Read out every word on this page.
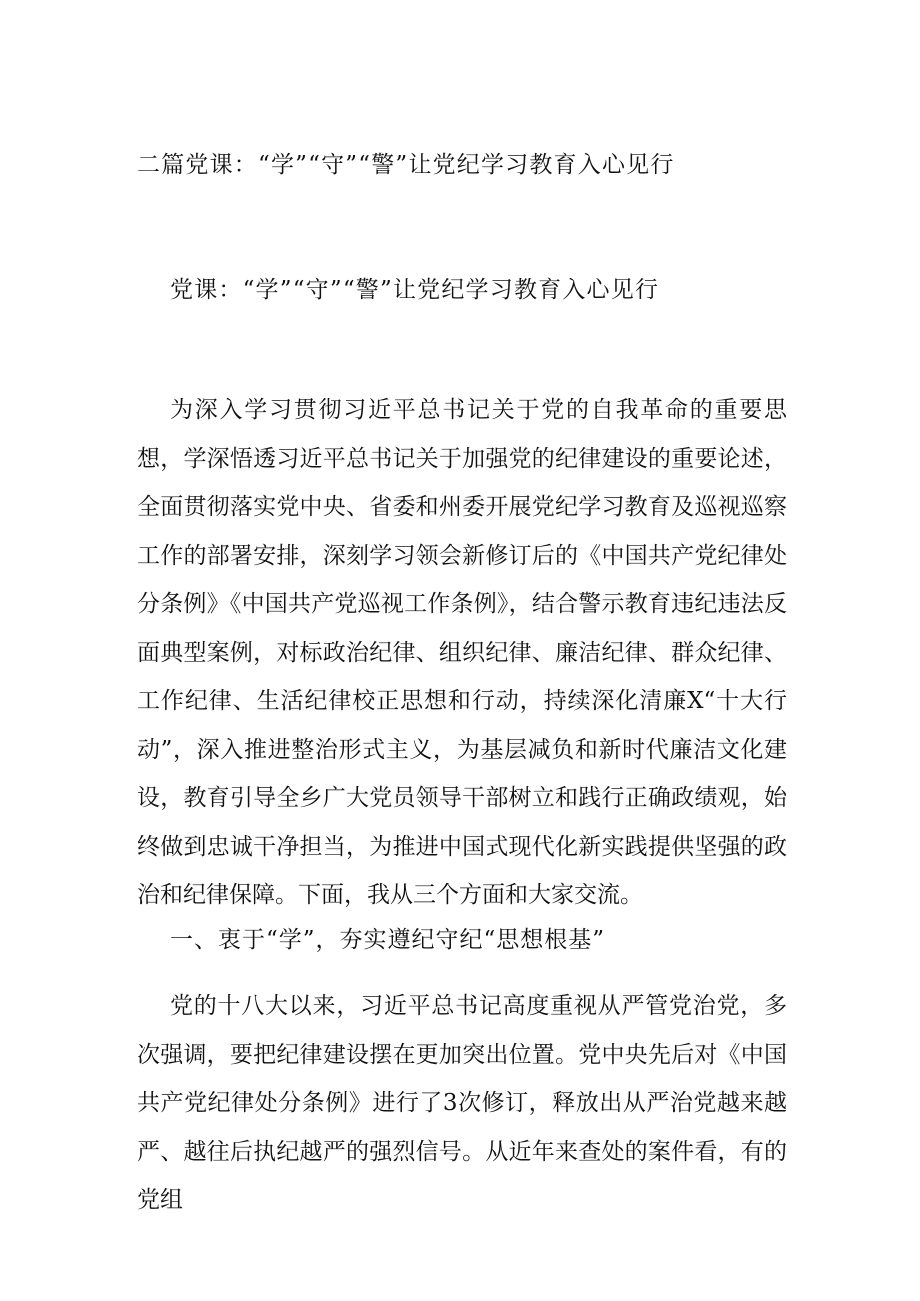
二篇党课：“学”“守”“警”让党纪学习教育入心见行
党课：“学”“守”“警”让党纪学习教育入心见行

为深入学习贯彻习近平总书记关于党的自我革命的重要思想，学深悟透习近平总书记关于加强党的纪律建设的重要论述，全面贯彻落实党中央、省委和州委开展党纪学习教育及巡视巡察工作的部署安排，深刻学习领会新修订后的《中国共产党纪律处分条例》《中国共产党巡视工作条例》，结合警示教育违纪违法反面典型案例，对标政治纪律、组织纪律、廉洁纪律、群众纪律、工作纪律、生活纪律校正思想和行动，持续深化清廉X“十大行动”，深入推进整治形式主义，为基层减负和新时代廉洁文化建设，教育引导全乡广大党员领导干部树立和践行正确政绩观，始终做到忠诚干净担当，为推进中国式现代化新实践提供坚强的政治和纪律保障。下面，我从三个方面和大家交流。

一、衷于“学”，夯实遵纪守纪“思想根基”

党的十八大以来，习近平总书记高度重视从严管党治党，多次强调，要把纪律建设摆在更加突出位置。党中央先后对《中国共产党纪律处分条例》进行了3次修订，释放出从严治党越来越严、越往后执纪越严的强烈信号。从近年来查处的案件看，有的党组
